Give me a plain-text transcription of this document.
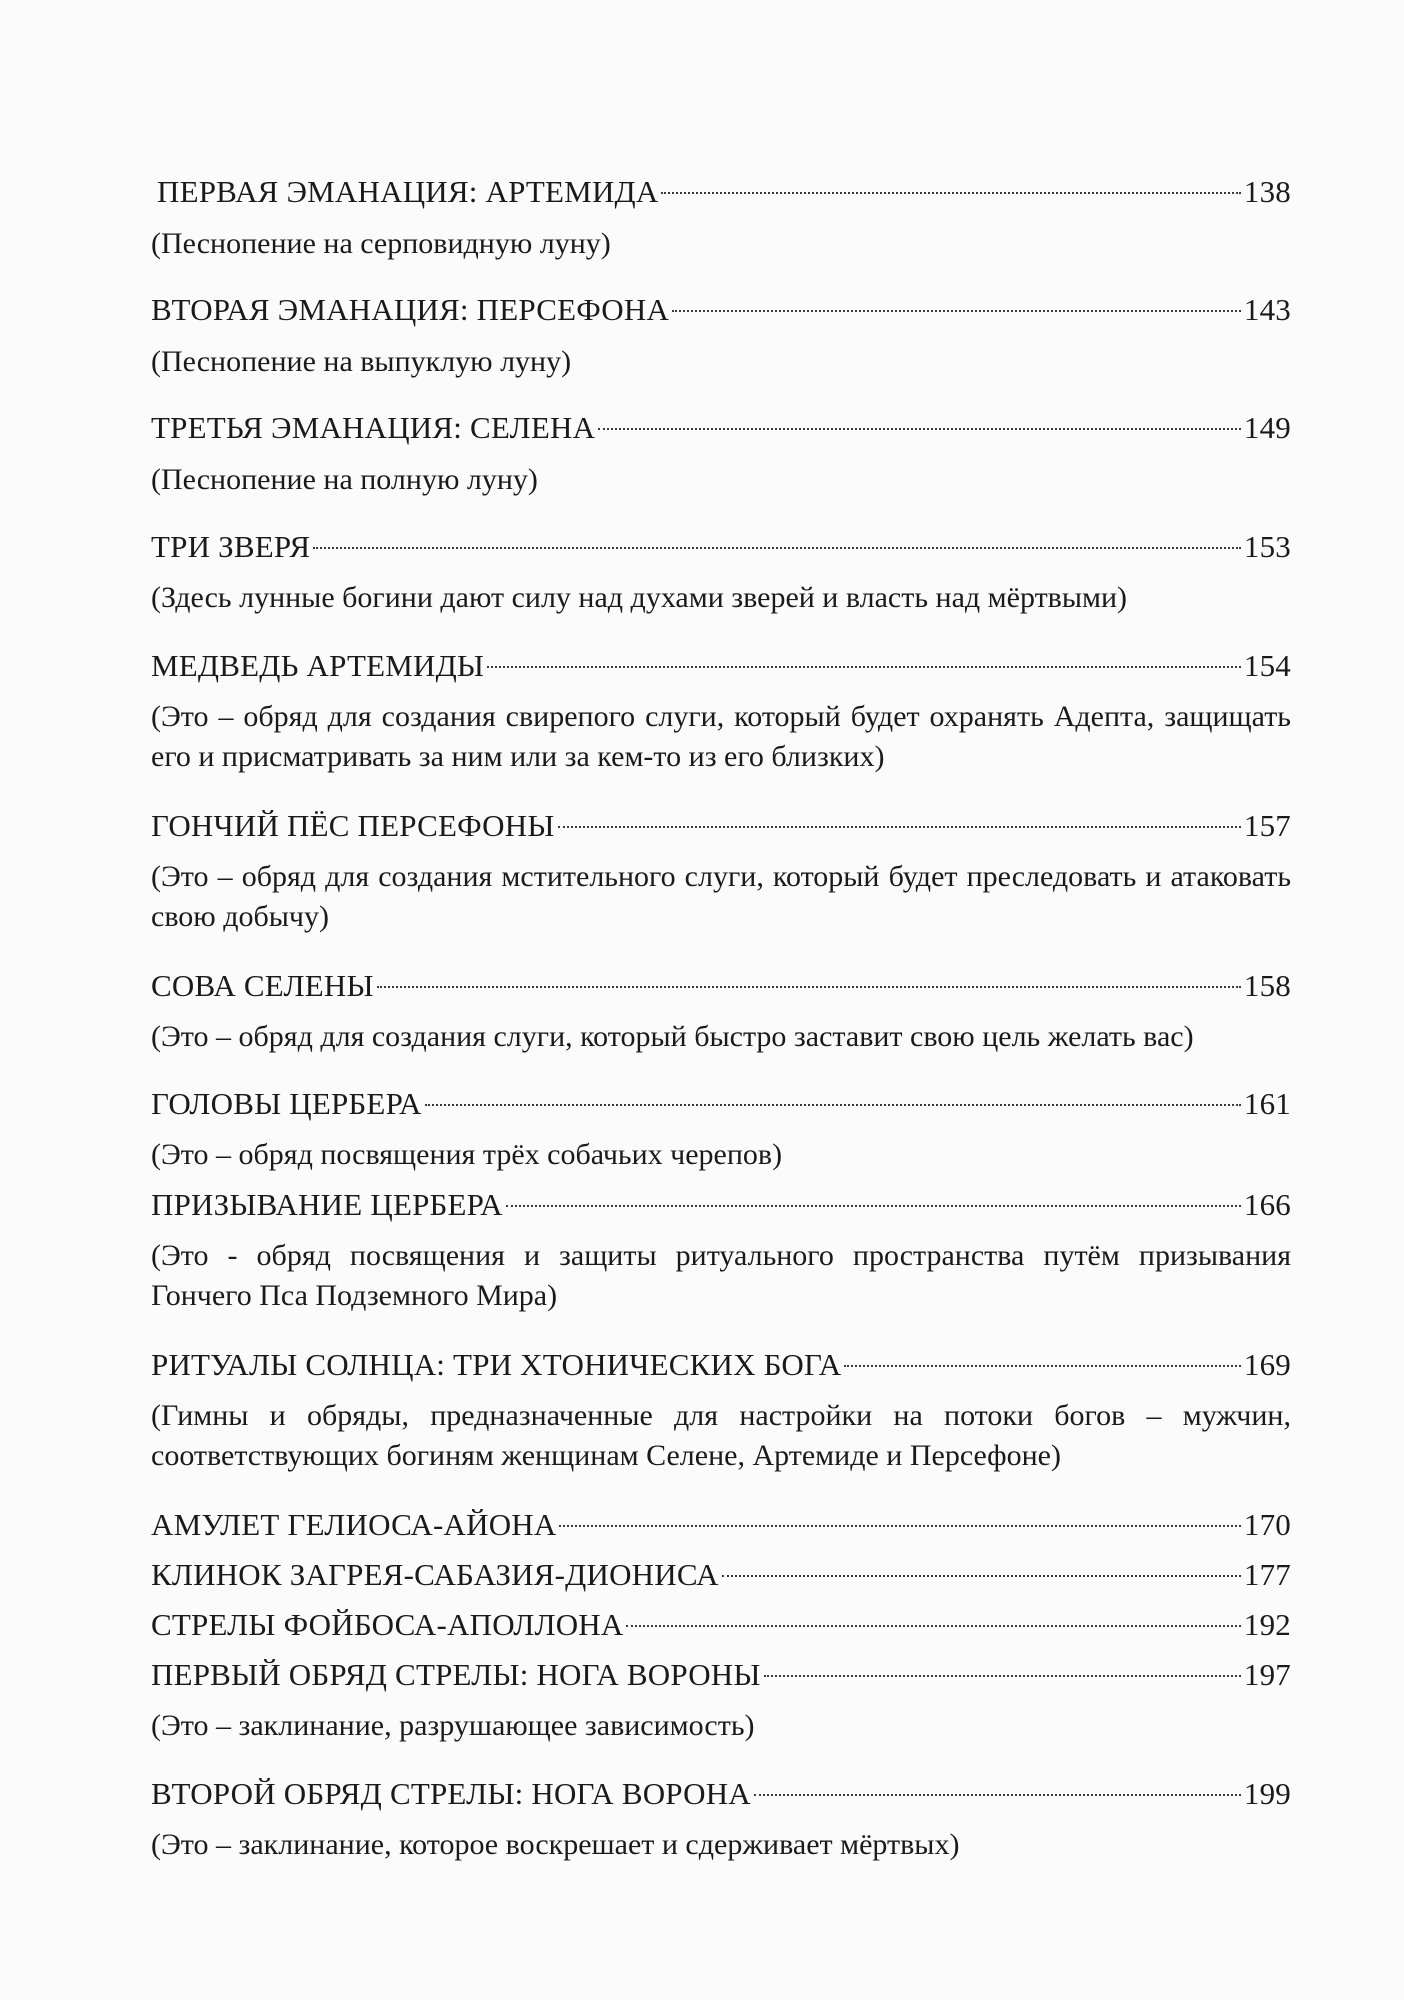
ПЕРВАЯ ЭМАНАЦИЯ: АРТЕМИДА	138
(Песнопение на серповидную луну)
ВТОРАЯ ЭМАНАЦИЯ: ПЕРСЕФОНА	143
(Песнопение на выпуклую луну)
ТРЕТЬЯ ЭМАНАЦИЯ: СЕЛЕНА	149
(Песнопение на полную луну)
ТРИ ЗВЕРЯ	153
(Здесь лунные богини дают силу над духами зверей и власть над мёртвыми)
МЕДВЕДЬ АРТЕМИДЫ	154
(Это – обряд для создания свирепого слуги, который будет охранять Адепта, защищать его и присматривать за ним или за кем-то из его близких)
ГОНЧИЙ ПЁС ПЕРСЕФОНЫ	157
(Это – обряд для создания мстительного слуги, который будет преследовать и атаковать свою добычу)
СОВА СЕЛЕНЫ	158
(Это – обряд для создания слуги, который быстро заставит свою цель желать вас)
ГОЛОВЫ ЦЕРБЕРА	161
(Это – обряд посвящения трёх собачьих черепов)
ПРИЗЫВАНИЕ ЦЕРБЕРА	166
(Это - обряд посвящения и защиты ритуального пространства путём призывания Гончего Пса Подземного Мира)
РИТУАЛЫ СОЛНЦА: ТРИ ХТОНИЧЕСКИХ БОГА	169
(Гимны и обряды, предназначенные для настройки на потоки богов – мужчин, соответствующих богиням женщинам Селене, Артемиде и Персефоне)
АМУЛЕТ ГЕЛИОСА-АЙОНА	170
КЛИНОК ЗАГРЕЯ-САБАЗИЯ-ДИОНИСА	177
СТРЕЛЫ ФОЙБОСА-АПОЛЛОНА	192
ПЕРВЫЙ ОБРЯД СТРЕЛЫ: НОГА ВОРОНЫ	197
(Это – заклинание, разрушающее зависимость)
ВТОРОЙ ОБРЯД СТРЕЛЫ: НОГА ВОРОНА	199
(Это – заклинание, которое воскрешает и сдерживает мёртвых)
